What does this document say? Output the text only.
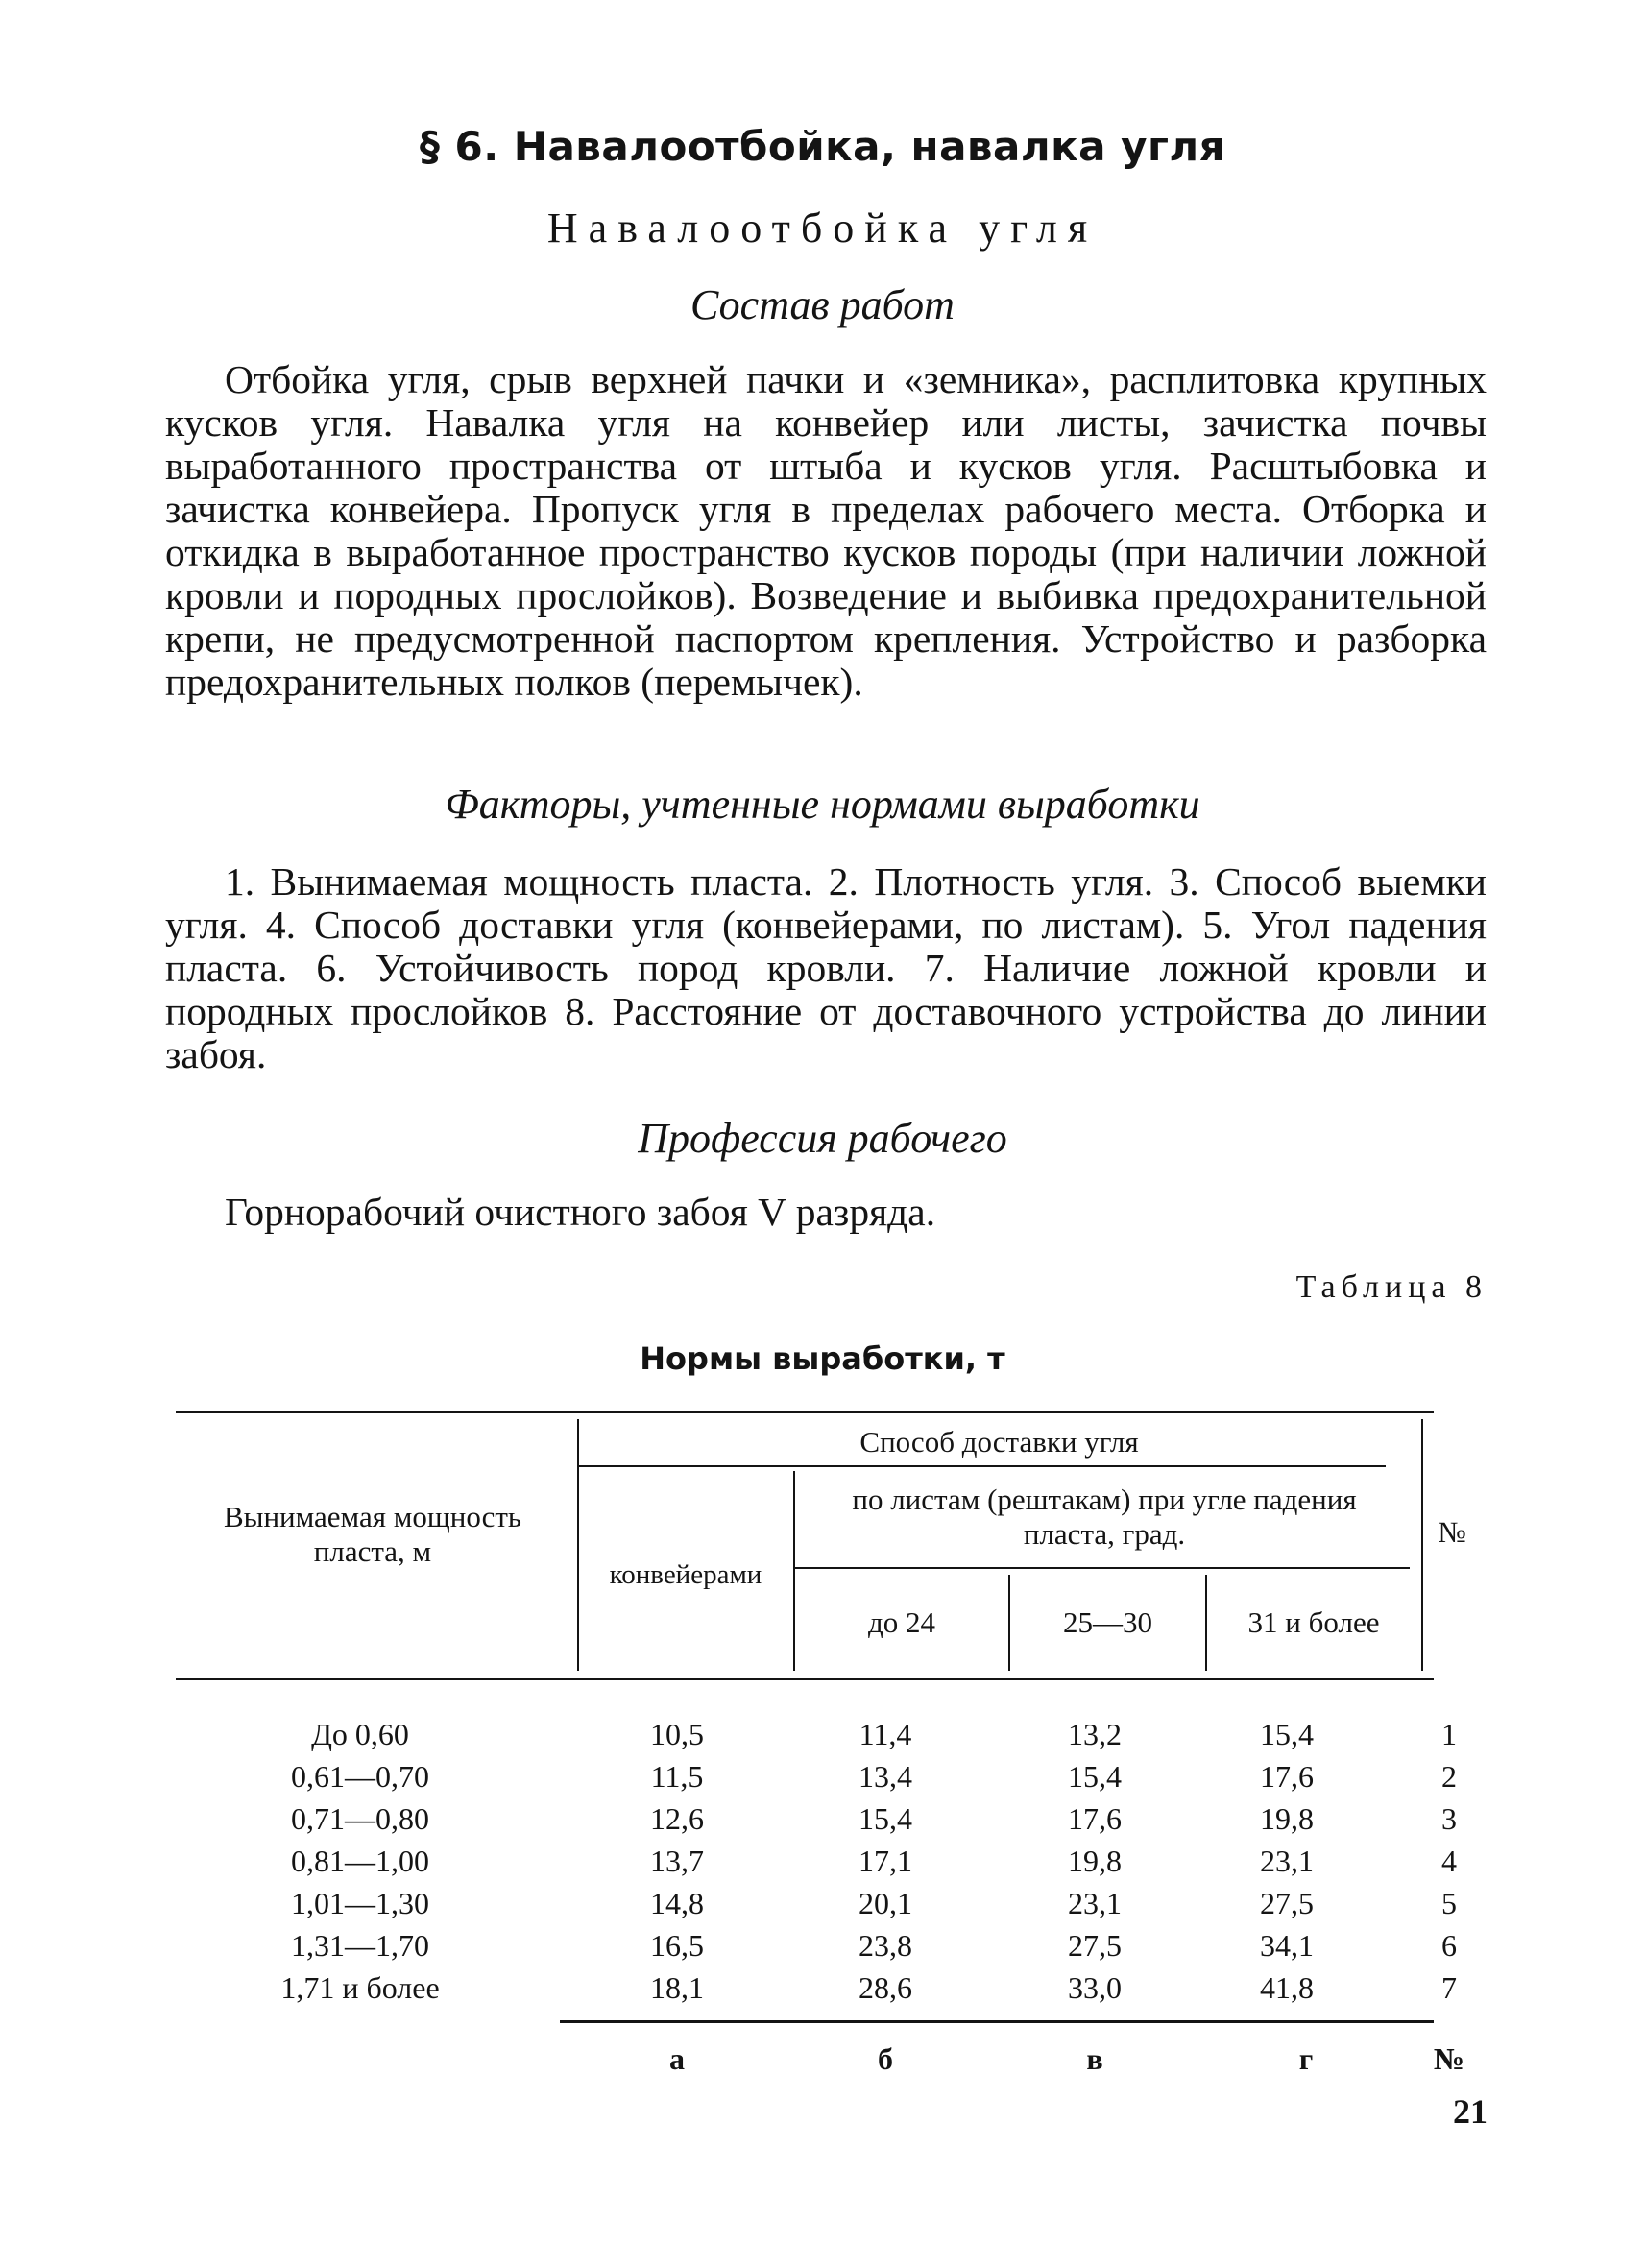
§ 6. Навалоотбойка, навалка угля
Навалоотбойка угля
Состав работ

Отбойка угля, срыв верхней пачки и «земника», расплитовка крупных кусков угля. Навалка угля на конвейер или листы, зачистка почвы выработанного пространства от штыба и кусков угля. Расштыбовка и зачистка конвейера. Пропуск угля в пределах рабочего места. Отборка и откидка в выработанное пространство кусков породы (при наличии ложной кровли и породных прослойков). Возведение и выбивка предохранительной крепи, не предусмотренной паспортом крепления. Устройство и разборка предохранительных полков (перемычек).

Факторы, учтенные нормами выработки

1. Вынимаемая мощность пласта. 2. Плотность угля. 3. Способ выемки угля. 4. Способ доставки угля (конвейерами, по листам). 5. Угол падения пласта. 6. Устойчивость пород кровли. 7. Наличие ложной кровли и породных прослойков 8. Расстояние от доставочного устройства до линии забоя.

Профессия рабочего

Горнорабочий очистного забоя V разряда.

Таблица 8
Нормы выработки, т
Вынимаемая мощность пласта, м
Способ доставки угля
конвейерами
по листам (рештакам) при угле падения пласта, град.
до 24	25—30	31 и более
№
До 0,60	10,5	11,4	13,2	15,4	1
0,61—0,70	11,5	13,4	15,4	17,6	2
0,71—0,80	12,6	15,4	17,6	19,8	3
0,81—1,00	13,7	17,1	19,8	23,1	4
1,01—1,30	14,8	20,1	23,1	27,5	5
1,31—1,70	16,5	23,8	27,5	34,1	6
1,71 и более	18,1	28,6	33,0	41,8	7
а	б	в	г	№
21
